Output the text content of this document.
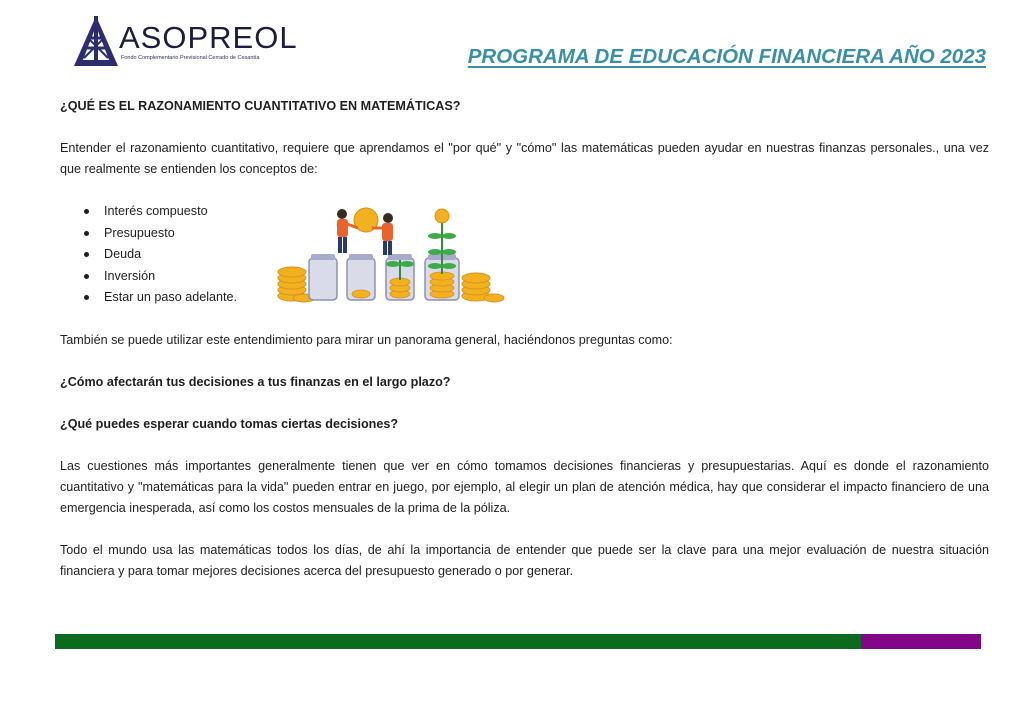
ASOPREOL
Fondo Complementario Previsional Cerrado de Cesantía	PROGRAMA DE EDUCACIÓN FINANCIERA AÑO 2023

¿QUÉ ES EL RAZONAMIENTO CUANTITATIVO EN MATEMÁTICAS?

Entender el razonamiento cuantitativo, requiere que aprendamos el "por qué" y "cómo" las matemáticas pueden ayudar en nuestras finanzas personales., una vez que realmente se entienden los conceptos de:

Interés compuesto
Presupuesto
Deuda
Inversión
Estar un paso adelante.

También se puede utilizar este entendimiento para mirar un panorama general, haciéndonos preguntas como:

¿Cómo afectarán tus decisiones a tus finanzas en el largo plazo?

¿Qué puedes esperar cuando tomas ciertas decisiones?

Las cuestiones más importantes generalmente tienen que ver en cómo tomamos decisiones financieras y presupuestarias. Aquí es donde el razonamiento cuantitativo y "matemáticas para la vida" pueden entrar en juego, por ejemplo, al elegir un plan de atención médica, hay que considerar el impacto financiero de una emergencia inesperada, así como los costos mensuales de la prima de la póliza.

Todo el mundo usa las matemáticas todos los días, de ahí la importancia de entender que puede ser la clave para una mejor evaluación de nuestra situación financiera y para tomar mejores decisiones acerca del presupuesto generado o por generar.
